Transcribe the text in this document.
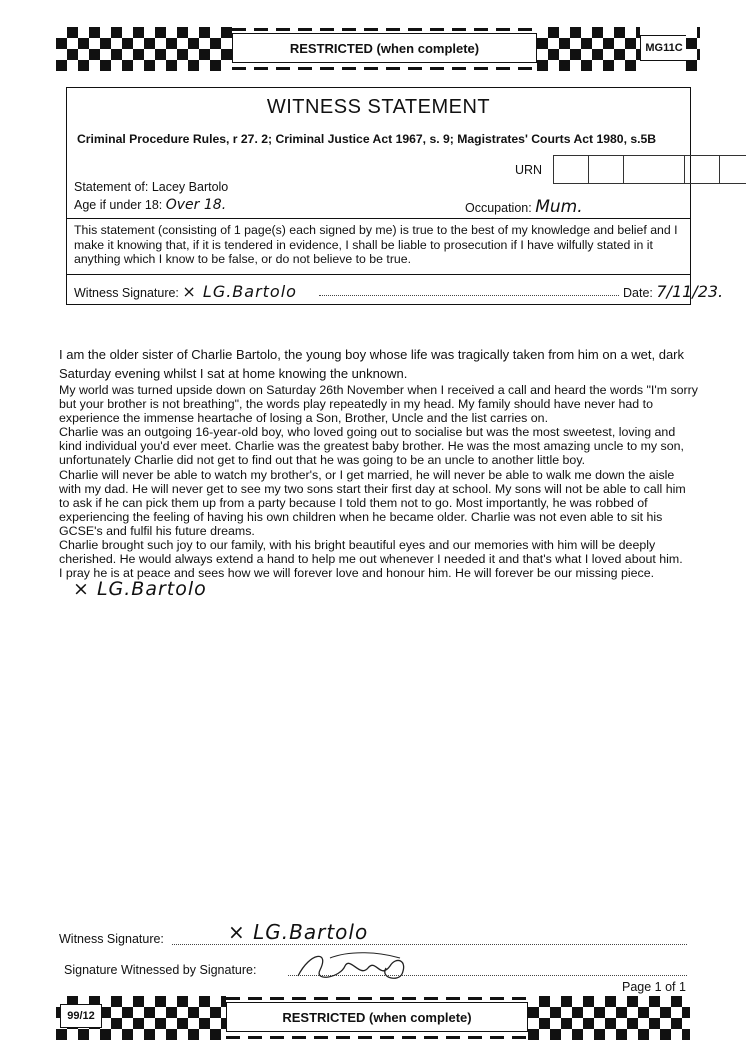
RESTRICTED (when complete)	MG11C
WITNESS STATEMENT
Criminal Procedure Rules, r 27. 2; Criminal Justice Act 1967, s. 9; Magistrates' Courts Act 1980, s.5B
URN
Statement of: Lacey Bartolo
Age if under 18: Over 18.	Occupation: Mum.
This statement (consisting of 1 page(s) each signed by me) is true to the best of my knowledge and belief and I make it knowing that, if it is tendered in evidence, I shall be liable to prosecution if I have wilfully stated in it anything which I know to be false, or do not believe to be true.
Witness Signature: × LG.Bartolo	Date: 7/11/23.

I am the older sister of Charlie Bartolo, the young boy whose life was tragically taken from him on a wet, dark Saturday evening whilst I sat at home knowing the unknown.

My world was turned upside down on Saturday 26th November when I received a call and heard the words "I'm sorry but your brother is not breathing", the words play repeatedly in my head. My family should have never had to experience the immense heartache of losing a Son, Brother, Uncle and the list carries on.

Charlie was an outgoing 16-year-old boy, who loved going out to socialise but was the most sweetest, loving and kind individual you'd ever meet. Charlie was the greatest baby brother. He was the most amazing uncle to my son, unfortunately Charlie did not get to find out that he was going to be an uncle to another little boy.

Charlie will never be able to watch my brother's, or I get married, he will never be able to walk me down the aisle with my dad. He will never get to see my two sons start their first day at school. My sons will not be able to call him to ask if he can pick them up from a party because I told them not to go. Most importantly, he was robbed of experiencing the feeling of having his own children when he became older. Charlie was not even able to sit his GCSE's and fulfil his future dreams.

Charlie brought such joy to our family, with his bright beautiful eyes and our memories with him will be deeply cherished. He would always extend a hand to help me out whenever I needed it and that's what I loved about him.

I pray he is at peace and sees how we will forever love and honour him. He will forever be our missing piece.

× LG.Bartolo
Witness Signature:	× LG.Bartolo
Signature Witnessed by Signature:
Page 1 of 1
99/12	RESTRICTED (when complete)
